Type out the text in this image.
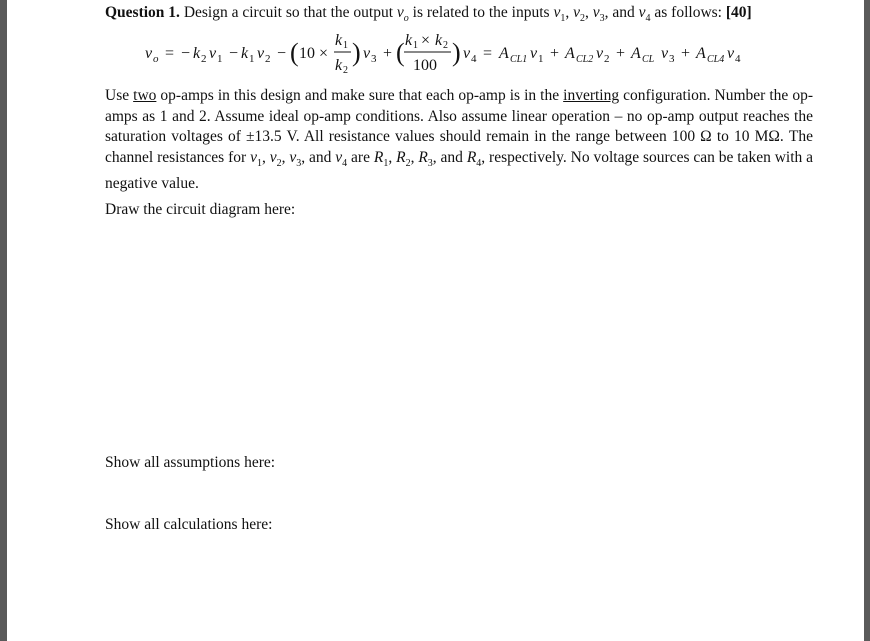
Question 1. Design a circuit so that the output $v_o$ is related to the inputs $v_1$, $v_2$, $v_3$, and $v_4$ as follows: [40]
v o = − k 2 v 1 − k 1 v 2 − ( 10 ×
k 1
k 2
) v 3 + ( k 1 × k 2
100 ) v 4 = A CL1 v 1 + A CL2 v 2 + A CL v 3 + A CL4 v 4
Use two op-amps in this design and make sure that each op-amp is in the inverting configuration. Number the op-amps as 1 and 2. Assume ideal op-amp conditions. Also assume linear operation – no op-amp output reaches the saturation voltages of ±13.5 V. All resistance values should remain in the range between 100 Ω to 10 MΩ. The channel resistances for $v_1$, $v_2$, $v_3$, and $v_4$ are $R_1$, $R_2$, $R_3$, and $R_4$, respectively. No voltage sources can be taken with a negative value.
Draw the circuit diagram here:
Show all assumptions here:
Show all calculations here:
